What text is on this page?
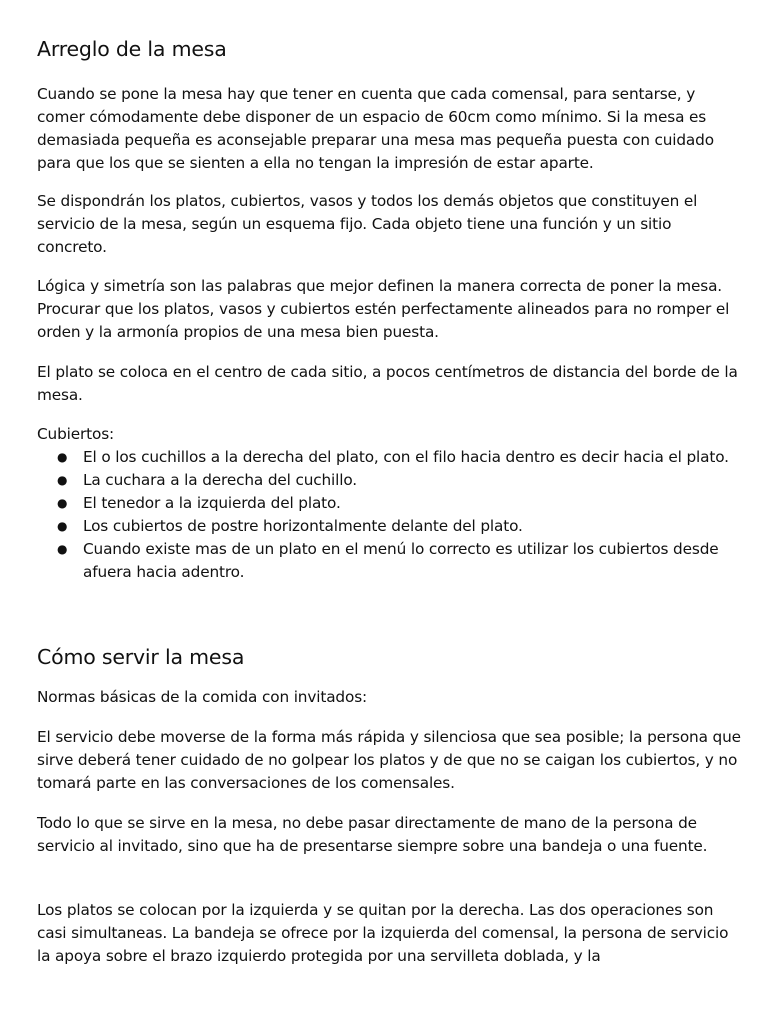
Arreglo de la mesa

Cuando se pone la mesa hay que tener en cuenta que cada comensal, para sentarse, y comer cómodamente debe disponer de un espacio de 60cm como mínimo. Si la mesa es demasiada pequeña es aconsejable preparar una mesa mas pequeña puesta con cuidado para que los que se sienten a ella no tengan la impresión de estar aparte.

Se dispondrán los platos, cubiertos, vasos y todos los demás objetos que constituyen el servicio de la mesa, según un esquema fijo. Cada objeto tiene una función y un sitio concreto.

Lógica y simetría son las palabras que mejor definen la manera correcta de poner la mesa. Procurar que los platos, vasos y cubiertos estén perfectamente alineados para no romper el orden y la armonía propios de una mesa bien puesta.

El plato se coloca en el centro de cada sitio, a pocos centímetros de distancia del borde de la mesa.

Cubiertos:

● El o los cuchillos a la derecha del plato, con el filo hacia dentro es decir hacia el plato.
● La cuchara a la derecha del cuchillo.
● El tenedor a la izquierda del plato.
● Los cubiertos de postre horizontalmente delante del plato.
● Cuando existe mas de un plato en el menú lo correcto es utilizar los cubiertos desde afuera hacia adentro.
Cómo servir la mesa

Normas básicas de la comida con invitados:

El servicio debe moverse de la forma más rápida y silenciosa que sea posible; la persona que sirve deberá tener cuidado de no golpear los platos y de que no se caigan los cubiertos, y no tomará parte en las conversaciones de los comensales.

Todo lo que se sirve en la mesa, no debe pasar directamente de mano de la persona de servicio al invitado, sino que ha de presentarse siempre sobre una bandeja o una fuente.

Los platos se colocan por la izquierda y se quitan por la derecha. Las dos operaciones son casi simultaneas. La bandeja se ofrece por la izquierda del comensal, la persona de servicio la apoya sobre el brazo izquierdo protegida por una servilleta doblada, y la
